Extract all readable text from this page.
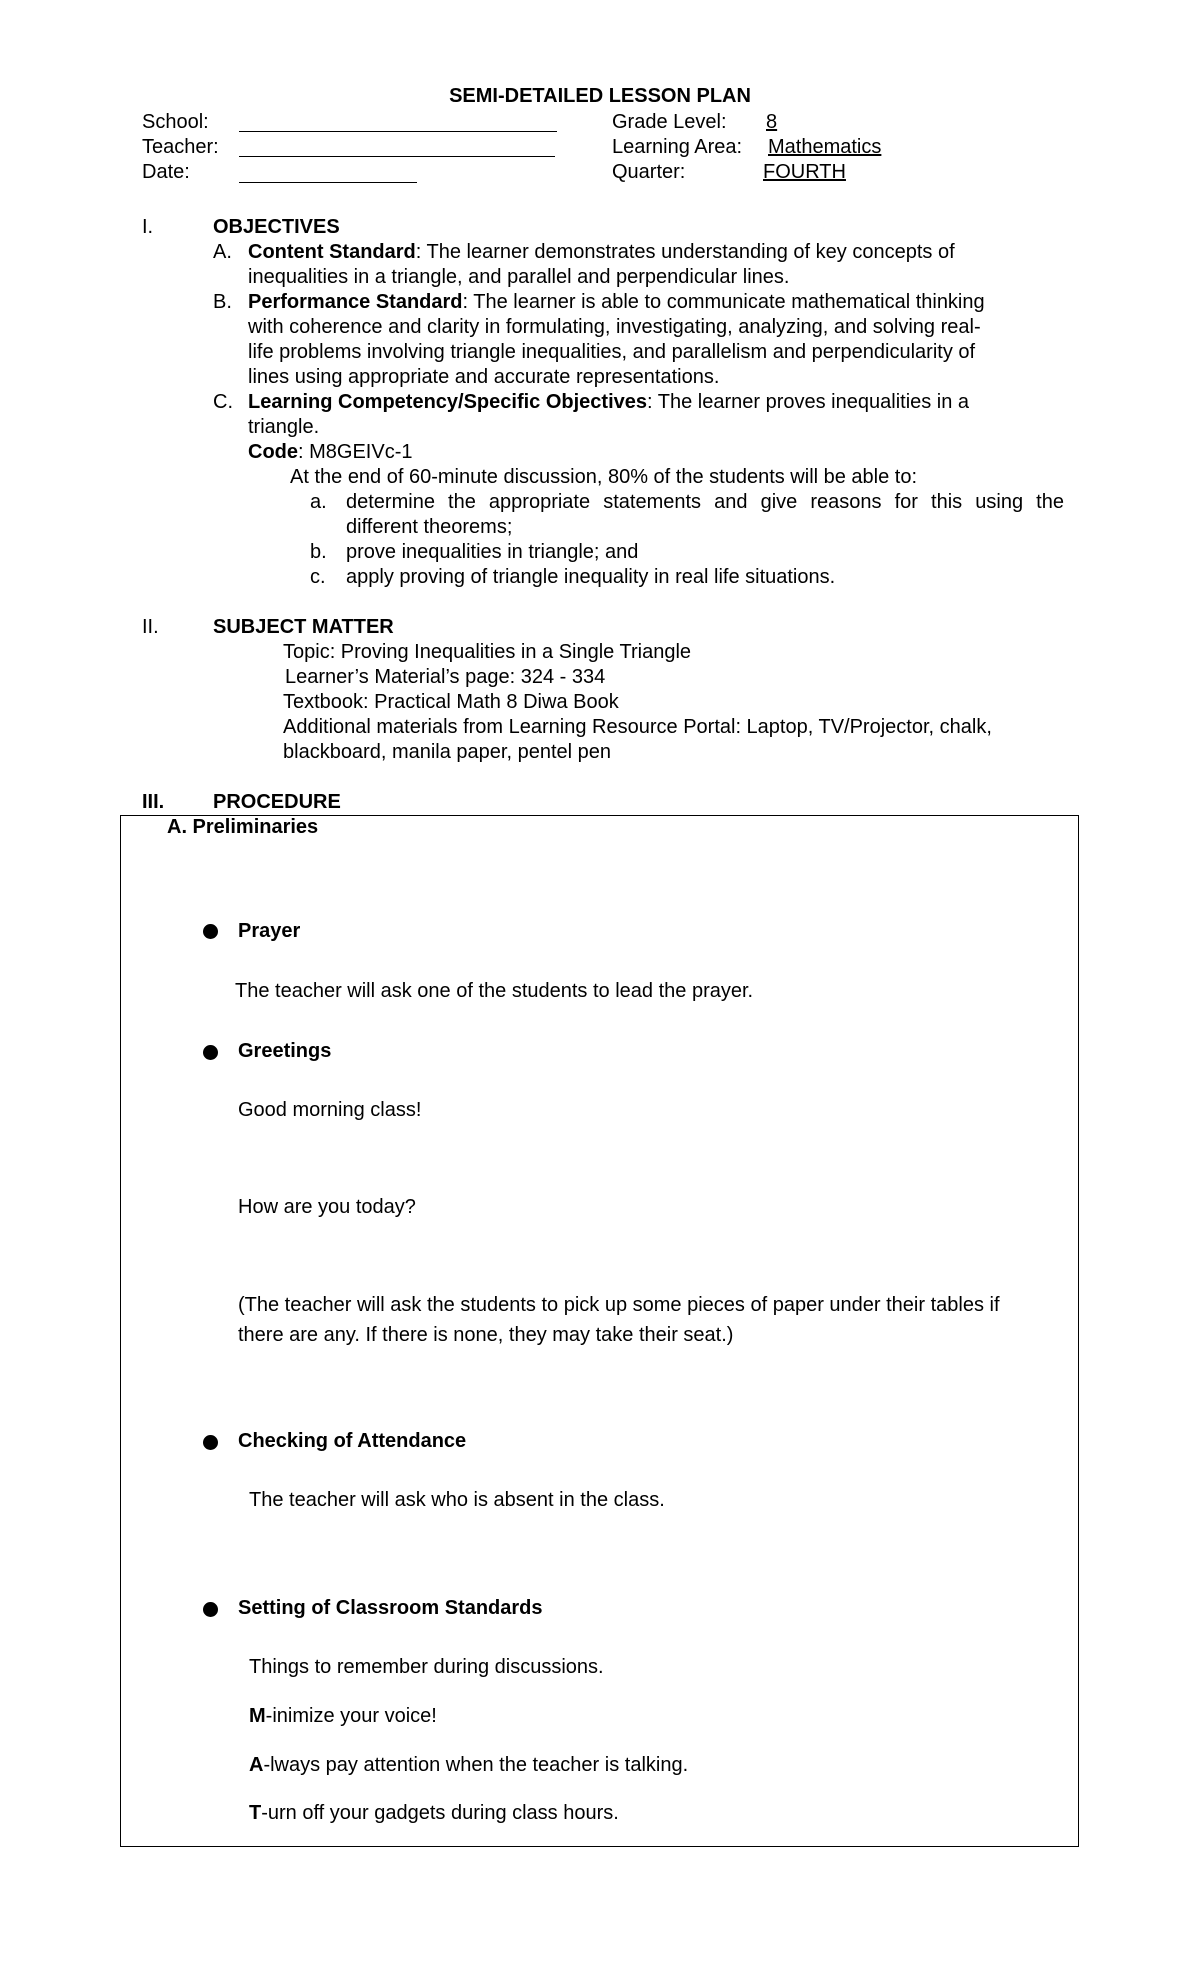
SEMI-DETAILED LESSON PLAN
School:
Teacher:
Date:
Grade Level: 8
Learning Area: Mathematics
Quarter:	FOURTH
I.	OBJECTIVES
A. Content Standard: The learner demonstrates understanding of key concepts of
inequalities in a triangle, and parallel and perpendicular lines.
B. Performance Standard: The learner is able to communicate mathematical thinking
with coherence and clarity in formulating, investigating, analyzing, and solving real-
life problems involving triangle inequalities, and parallelism and perpendicularity of
lines using appropriate and accurate representations.
C. Learning Competency/Specific Objectives: The learner proves inequalities in a
triangle.
Code: M8GEIVc-1
At the end of 60-minute discussion, 80% of the students will be able to:
a. determine the appropriate statements and give reasons for this using the
different theorems;
b. prove inequalities in triangle; and
c. apply proving of triangle inequality in real life situations.
II.	SUBJECT MATTER
Topic: Proving Inequalities in a Single Triangle
Learner’s Material’s page: 324 - 334
Textbook: Practical Math 8 Diwa Book
Additional materials from Learning Resource Portal: Laptop, TV/Projector, chalk,
blackboard, manila paper, pentel pen
III. PROCEDURE
A. Preliminaries
Prayer
The teacher will ask one of the students to lead the prayer.
Greetings
Good morning class!
How are you today?
(The teacher will ask the students to pick up some pieces of paper under their tables if
there are any. If there is none, they may take their seat.)
Checking of Attendance
The teacher will ask who is absent in the class.
Setting of Classroom Standards
Things to remember during discussions.
M-inimize your voice!
A-lways pay attention when the teacher is talking.
T-urn off your gadgets during class hours.
